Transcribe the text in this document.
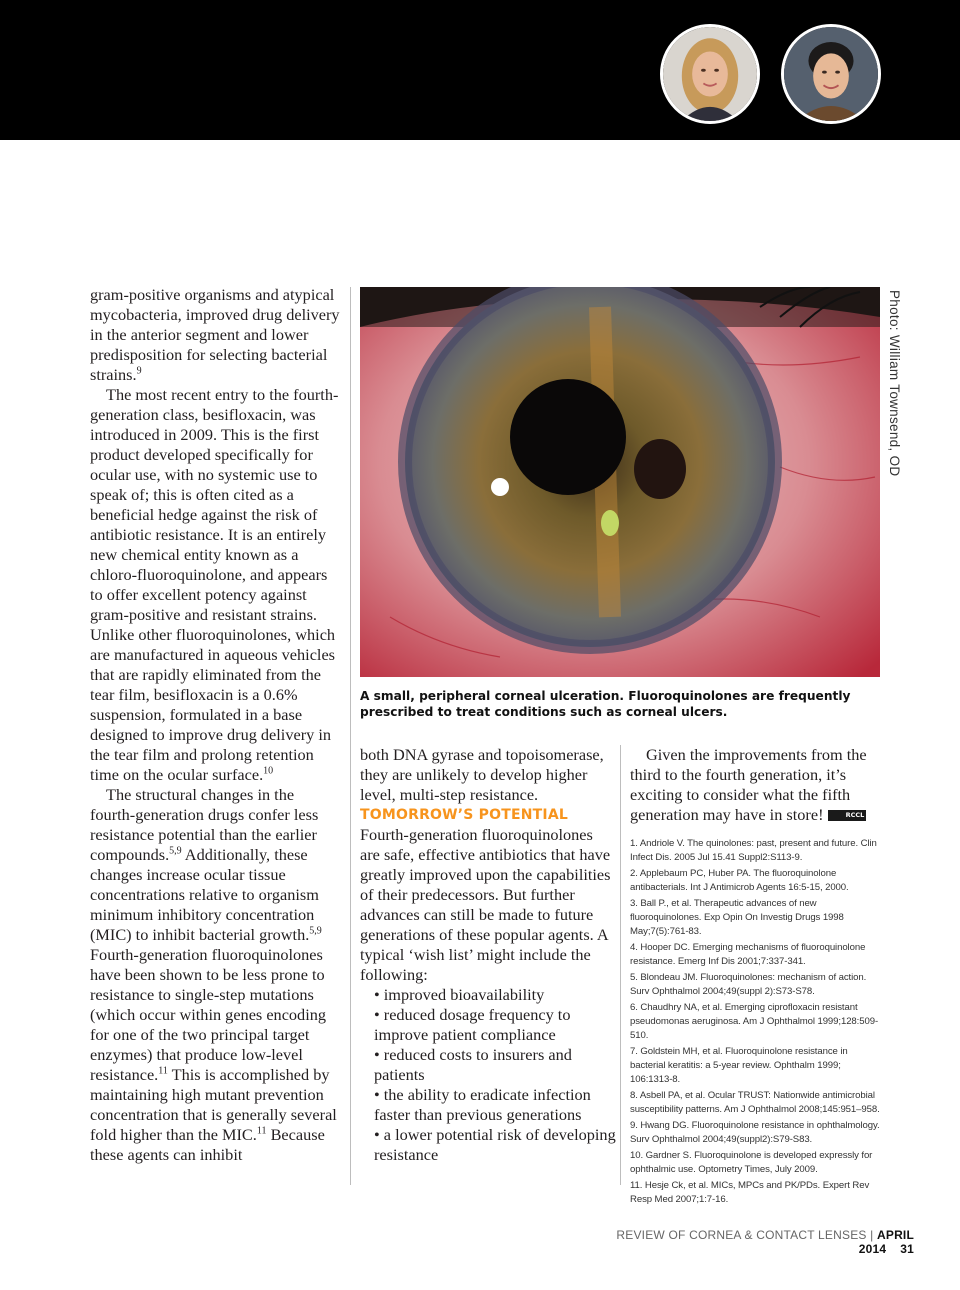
gram-positive organisms and atypical mycobacteria, improved drug delivery in the anterior segment and lower predisposition for selecting bacterial strains.$^9$

The most recent entry to the fourth-generation class, besifloxacin, was introduced in 2009. This is the first product developed specifically for ocular use, with no systemic use to speak of; this is often cited as a beneficial hedge against the risk of antibiotic resistance. It is an entirely new chemical entity known as a chloro-fluoroquinolone, and appears to offer excellent potency against gram-positive and resistant strains. Unlike other fluoroquinolones, which are manufactured in aqueous vehicles that are rapidly eliminated from the tear film, besifloxacin is a 0.6% suspension, formulated in a base designed to improve drug delivery in the tear film and prolong retention time on the ocular surface.$^{10}$

The structural changes in the fourth-generation drugs confer less resistance potential than the earlier compounds.$^{5,9}$ Additionally, these changes increase ocular tissue concentrations relative to organism minimum inhibitory concentration (MIC) to inhibit bacterial growth.$^{5,9}$ Fourth-generation fluoroquinolones have been shown to be less prone to resistance to single-step mutations (which occur within genes encoding for one of the two principal target enzymes) that produce low-level resistance.$^{11}$ This is accomplished by maintaining high mutant prevention concentration that is generally several fold higher than the MIC.$^{11}$ Because these agents can inhibit

Photo: William Townsend, OD
A small, peripheral corneal ulceration. Fluoroquinolones are frequently prescribed to treat conditions such as corneal ulcers.

both DNA gyrase and topoisomerase, they are unlikely to develop higher level, multi-step resistance.

TOMORROW’S POTENTIAL

Fourth-generation fluoroquinolones are safe, effective antibiotics that have greatly improved upon the capabilities of their predecessors. But further advances can still be made to future generations of these popular agents. A typical ‘wish list’ might include the following:

• improved bioavailability

• reduced dosage frequency to improve patient compliance

• reduced costs to insurers and patients

• the ability to eradicate infection faster than previous generations

• a lower potential risk of developing resistance

Given the improvements from the third to the fourth generation, it’s exciting to consider what the fifth generation may have in store!	RCCL

1. Andriole V. The quinolones: past, present and future. Clin Infect Dis. 2005 Jul 15.41 Suppl2:S113-9.
2. Applebaum PC, Huber PA. The fluoroquinolone antibacterials. Int J Antimicrob Agents 16:5-15, 2000.
3. Ball P., et al. Therapeutic advances of new fluoroquinolones. Exp Opin On Investig Drugs 1998 May;7(5):761-83.
4. Hooper DC. Emerging mechanisms of fluoroquinolone resistance. Emerg Inf Dis 2001;7:337-341.
5. Blondeau JM. Fluoroquinolones: mechanism of action. Surv Ophthalmol 2004;49(suppl 2):S73-S78.
6. Chaudhry NA, et al. Emerging ciprofloxacin resistant pseudomonas aeruginosa. Am J Ophthalmol 1999;128:509-510.
7. Goldstein MH, et al. Fluoroquinolone resistance in bacterial keratitis: a 5-year review. Ophthalm 1999; 106:1313-8.
8. Asbell PA, et al. Ocular TRUST: Nationwide antimicrobial susceptibility patterns. Am J Ophthalmol 2008;145:951–958.
9. Hwang DG. Fluoroquinolone resistance in ophthalmology. Surv Ophthalmol 2004;49(suppl2):S79-S83.
10. Gardner S. Fluoroquinolone is developed expressly for ophthalmic use. Optometry Times, July 2009.
11. Hesje Ck, et al. MICs, MPCs and PK/PDs. Expert Rev Resp Med 2007;1:7-16.
REVIEW OF CORNEA & CONTACT LENSES | APRIL 2014 31
